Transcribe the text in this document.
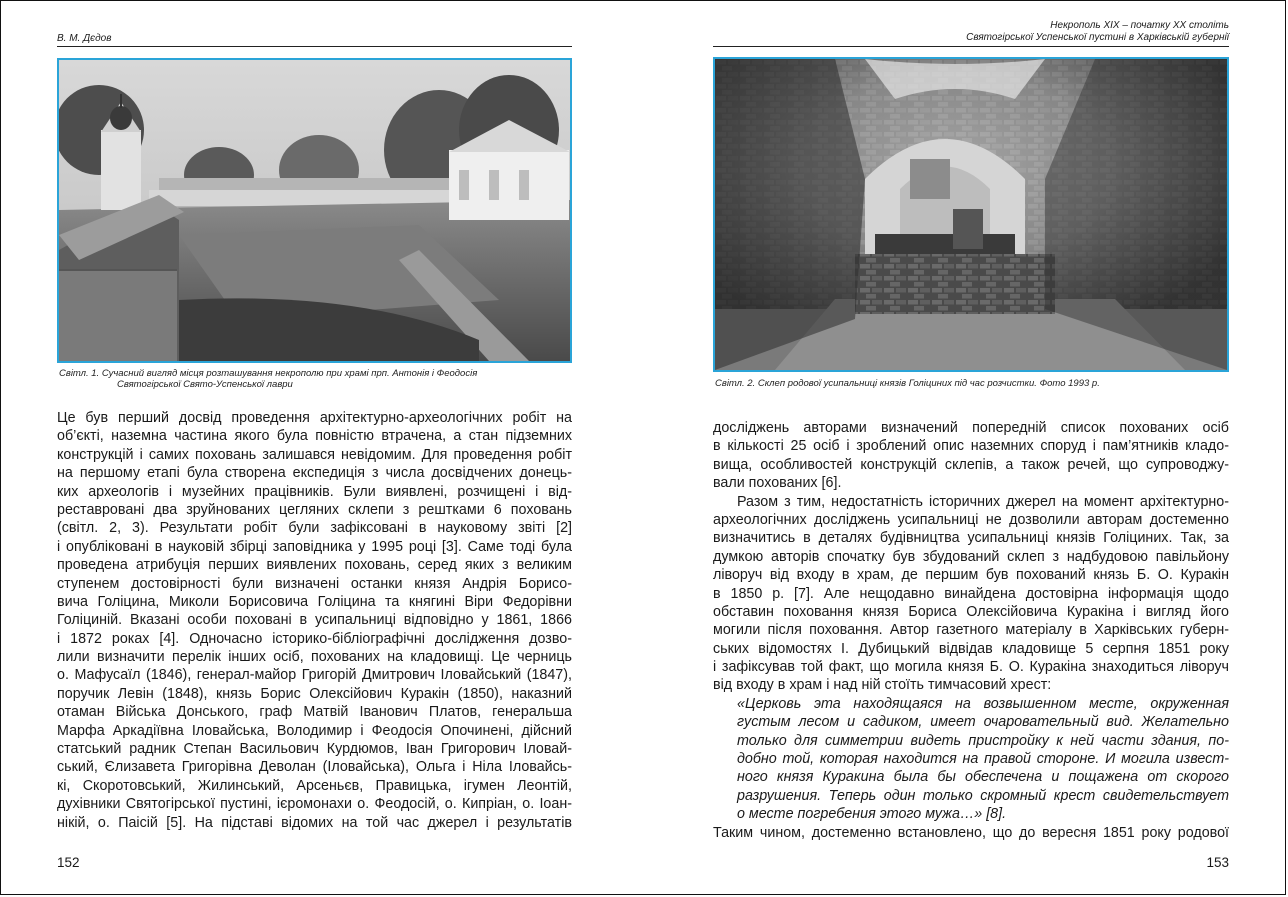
В. М. Дєдов
Світл. 1. Сучасний вигляд місця розташування некрополю при храмі прп. Антонія і Феодосія
Святогірської Свято-Успенської лаври
Це був перший досвід проведення архітектурно-археологічних робіт на
об’єкті, наземна частина якого була повністю втрачена, а стан підземних
конструкцій і самих поховань залишався невідомим. Для проведення робіт
на першому етапі була створена експедиція з числа досвідчених донець-
ких археологів і музейних працівників. Були виявлені, розчищені і від-
реставровані два зруйнованих цегляних склепи з рештками 6 поховань
(світл. 2, 3). Результати робіт були зафіксовані в науковому звіті [2]
і опубліковані в науковій збірці заповідника у 1995 році [3]. Саме тоді була
проведена атрибуція перших виявлених поховань, серед яких з великим
ступенем достовірності були визначені останки князя Андрія Борисо-
вича Голіцина, Миколи Борисовича Голіцина та княгині Віри Федорівни
Голіциній. Вказані особи поховані в усипальниці відповідно у 1861, 1866
і 1872 роках [4]. Одночасно історико-бібліографічні дослідження дозво-
лили визначити перелік інших осіб, похованих на кладовищі. Це черниць
о. Мафусаїл (1846), генерал-майор Григорій Дмитрович Іловайський (1847),
поручик Левін (1848), князь Борис Олексійович Куракін (1850), наказний
отаман Війська Донського, граф Матвій Іванович Платов, генеральша
Марфа Аркадіївна Іловайська, Володимир і Феодосія Опочинені, дійсний
статський радник Степан Васильович Курдюмов, Іван Григорович Іловай-
ський, Єлизавета Григорівна Деволан (Іловайська), Ольга і Ніла Іловайсь-
кі, Скоротовський, Жилинський, Арсеньєв, Правицька, ігумен Леонтій,
духівники Святогірської пустині, ієромонахи о. Феодосій, о. Кипріан, о. Іоан-
нікій, о. Паісій [5]. На підставі відомих на той час джерел і результатів
152
Некрополь XIX – початку XX століть
Святогірської Успенської пустині в Харківській губернії
Світл. 2. Склеп родової усипальниці князів Голіциних під час розчистки. Фото 1993 р.
досліджень авторами визначений попередній список похованих осіб
в кількості 25 осіб і зроблений опис наземних споруд і пам’ятників кладо-
вища, особливостей конструкцій склепів, а також речей, що супроводжу-
вали похованих [6].
Разом з тим, недостатність історичних джерел на момент архітектурно-
археологічних досліджень усипальниці не дозволили авторам достеменно
визначитись в деталях будівництва усипальниці князів Голіциних. Так, за
думкою авторів спочатку був збудований склеп з надбудовою павільйону
ліворуч від входу в храм, де першим був похований князь Б. О. Куракін
в 1850 р. [7]. Але нещодавно винайдена достовірна інформація щодо
обставин поховання князя Бориса Олексійовича Куракіна і вигляд його
могили після поховання. Автор газетного матеріалу в Харківських губерн-
ських відомостях І. Дубицький відвідав кладовище 5 серпня 1851 року
і зафіксував той факт, що могила князя Б. О. Куракіна знаходиться ліворуч
від входу в храм і над ній стоїть тимчасовий хрест:
«Церковь эта находящаяся на возвышенном месте, окруженная
густым лесом и садиком, имеет очаровательный вид. Желательно
только для симметрии видеть пристройку к ней части здания, по-
добно той, которая находится на правой стороне. И могила извест-
ного князя Куракина была бы обеспечена и пощажена от скорого
разрушения. Теперь один только скромный крест свидетельствует
о месте погребения этого мужа…» [8].
Таким чином, достеменно встановлено, що до вересня 1851 року родової
153
